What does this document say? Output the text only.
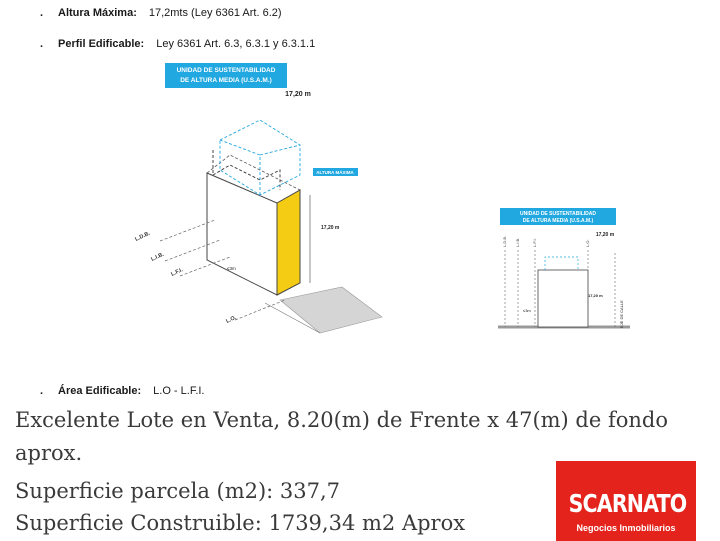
. Altura Máxima: 17,2mts (Ley 6361 Art. 6.2)
. Perfil Edificable: Ley 6361 Art. 6.3, 6.3.1 y 6.3.1.1
UNIDAD DE SUSTENTABILIDAD
DE ALTURA MEDIA (U.S.A.M.)
17,20 m
ALTURA MÁXIMA
17,20 m
≤3m
L.D.B.
L.I.B.
L.F.I.
L.O.
UNIDAD DE SUSTENTABILIDAD
DE ALTURA MEDIA (U.S.A.M.)
17,20 m
L.D.B. L.I.B.	L.F.I.	L.O.
17,20 m
≤3m	EJE DE CALLE
. Área Edificable: L.O - L.F.I.
Excelente Lote en Venta, 8.20(m) de Frente x 47(m) de fondo
aprox.
Superficie parcela (m2): 337,7
Superficie Construible: 1739,34 m2 Aprox
SCARNATO
Negocios Inmobiliarios
